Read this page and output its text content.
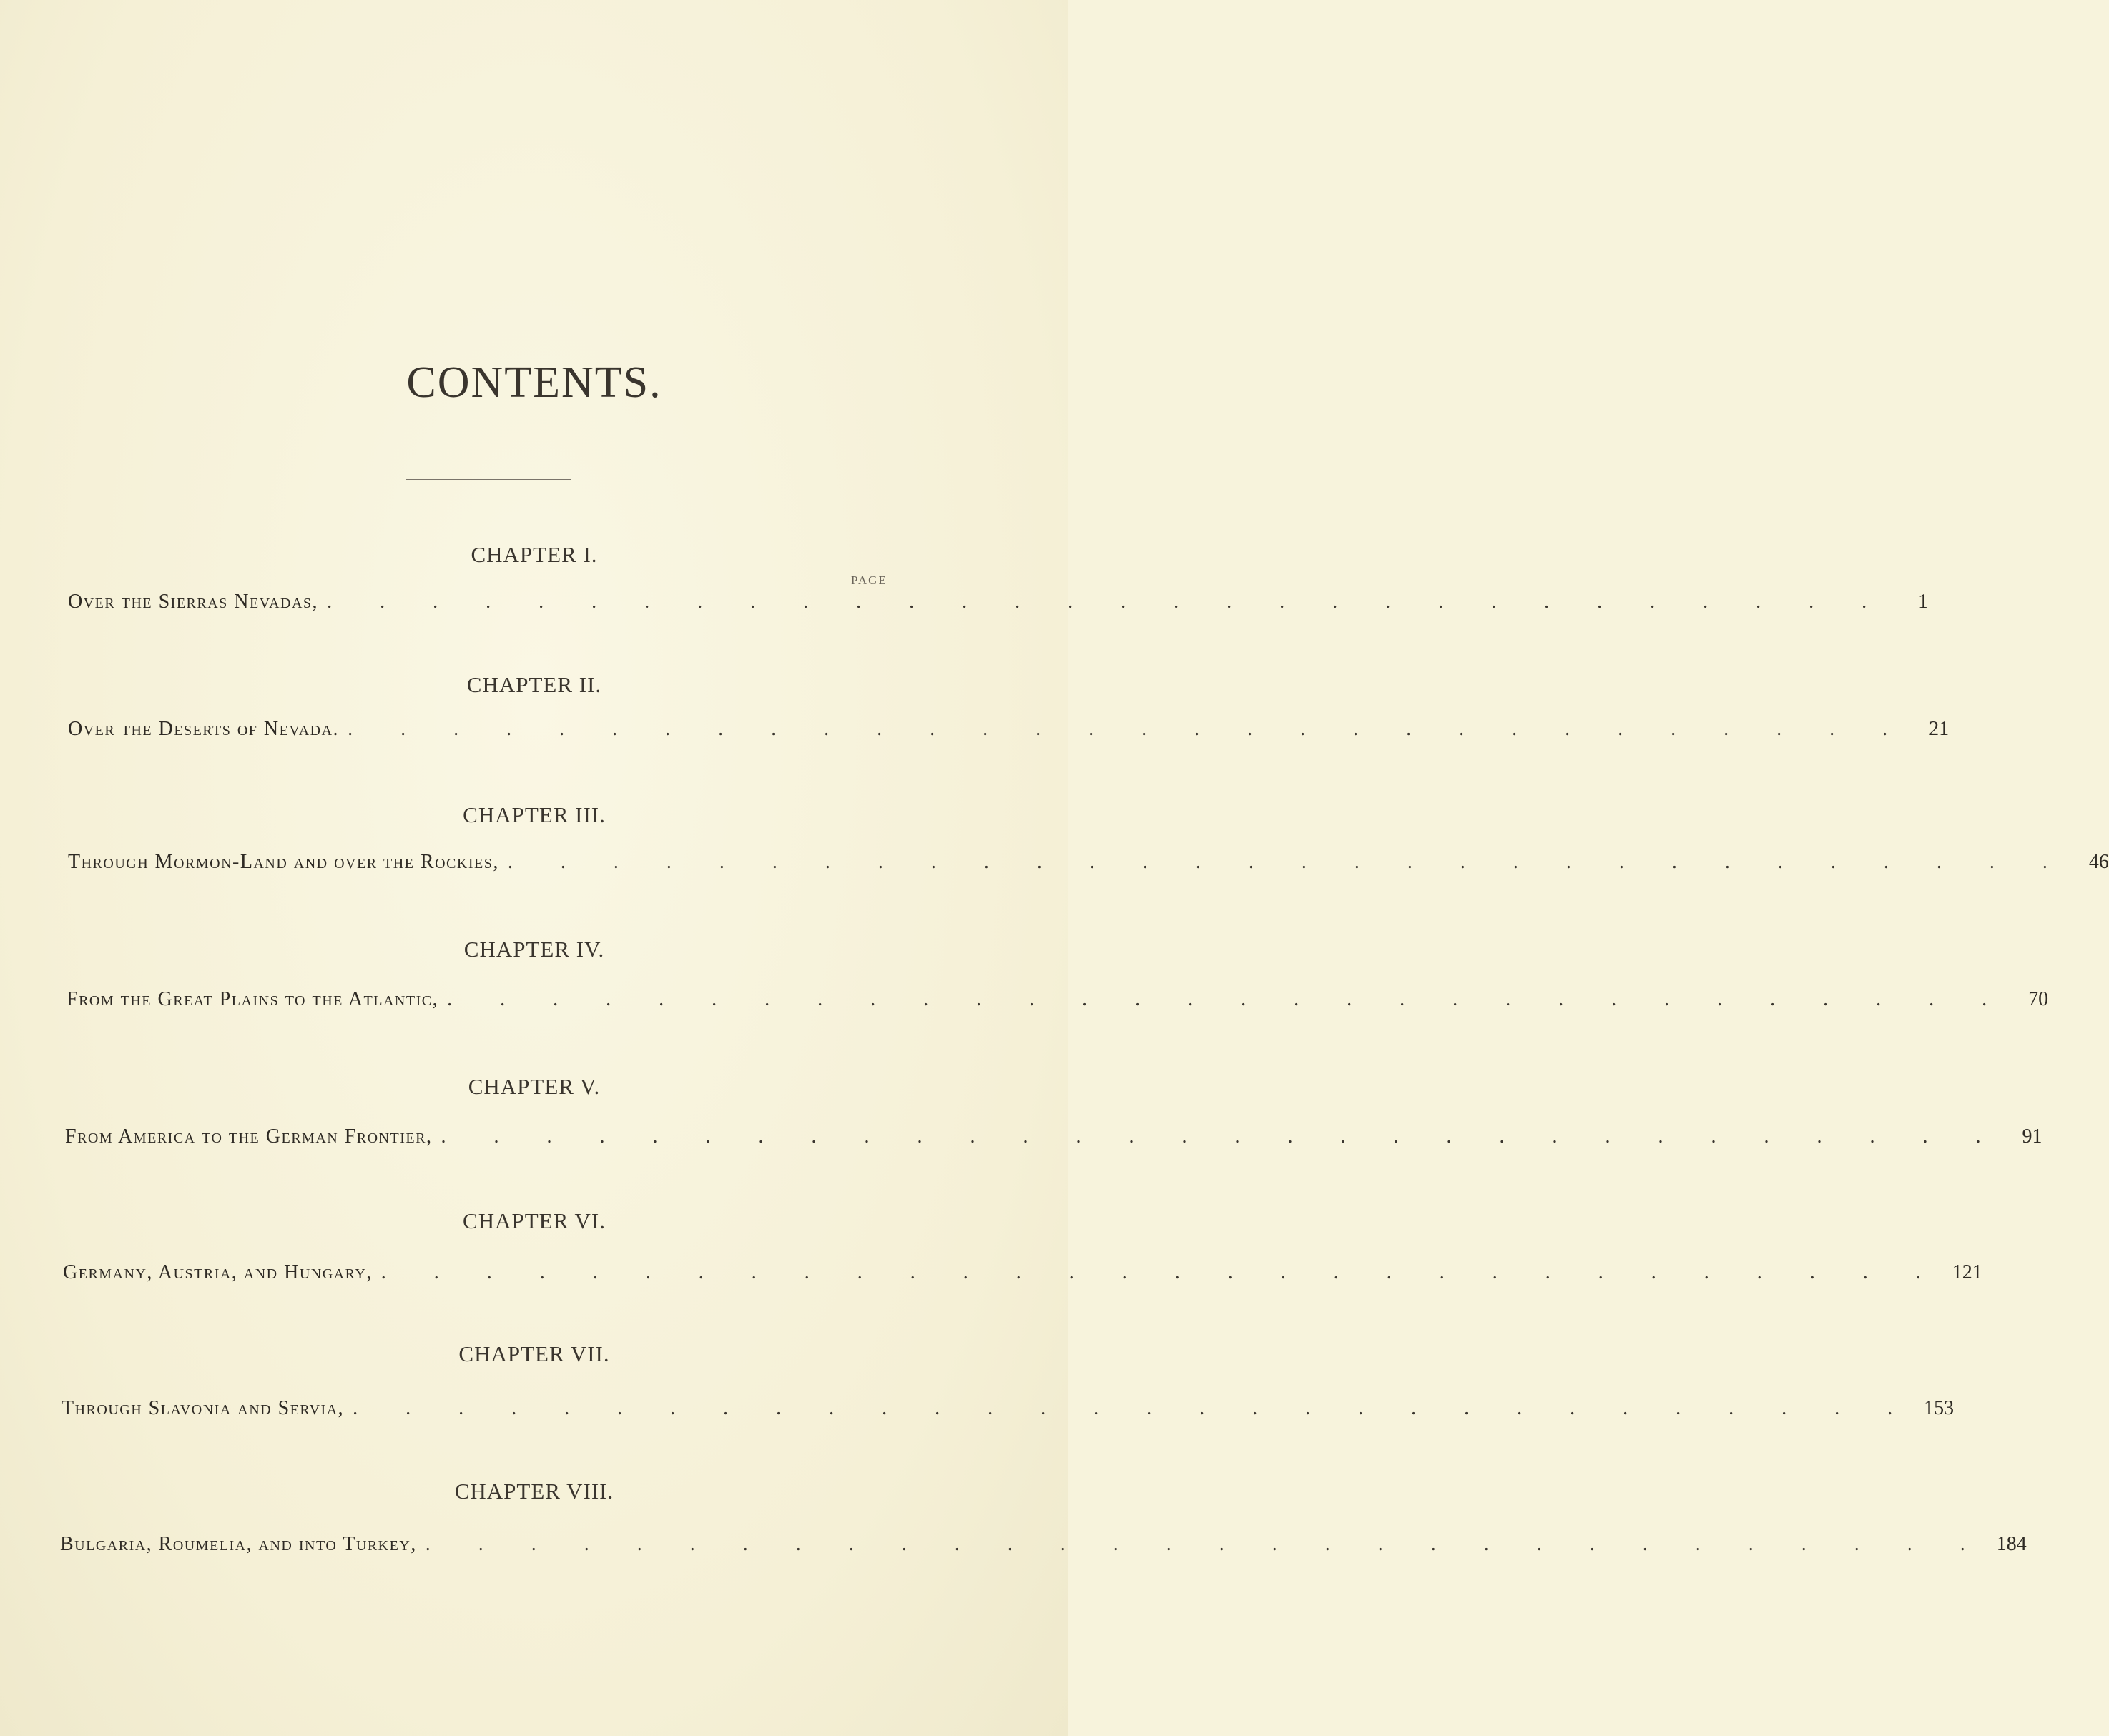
CONTENTS.
PAGE
CHAPTER I.
Over the Sierras Nevadas, . . . . . . . . . . . . . . . . . . . . . . . . . . . . . .	1
CHAPTER II.
Over the Deserts of Nevada. . . . . . . . . . . . . . . . . . . . . . . . . . . . . . .	21
CHAPTER III.
Through Mormon-Land and over the Rockies, . . . . . . . . . . . . . . . . . . . . . . . . . . . . . .	46
CHAPTER IV.
From the Great Plains to the Atlantic, . . . . . . . . . . . . . . . . . . . . . . . . . . . . . .	70
CHAPTER V.
From America to the German Frontier, . . . . . . . . . . . . . . . . . . . . . . . . . . . . . .	91
CHAPTER VI.
Germany, Austria, and Hungary, . . . . . . . . . . . . . . . . . . . . . . . . . . . . . . 121
CHAPTER VII.
Through Slavonia and Servia, . . . . . . . . . . . . . . . . . . . . . . . . . . . . . . 153
CHAPTER VIII.
Bulgaria, Roumelia, and into Turkey, . . . . . . . . . . . . . . . . . . . . . . . . . . . . . . 184
